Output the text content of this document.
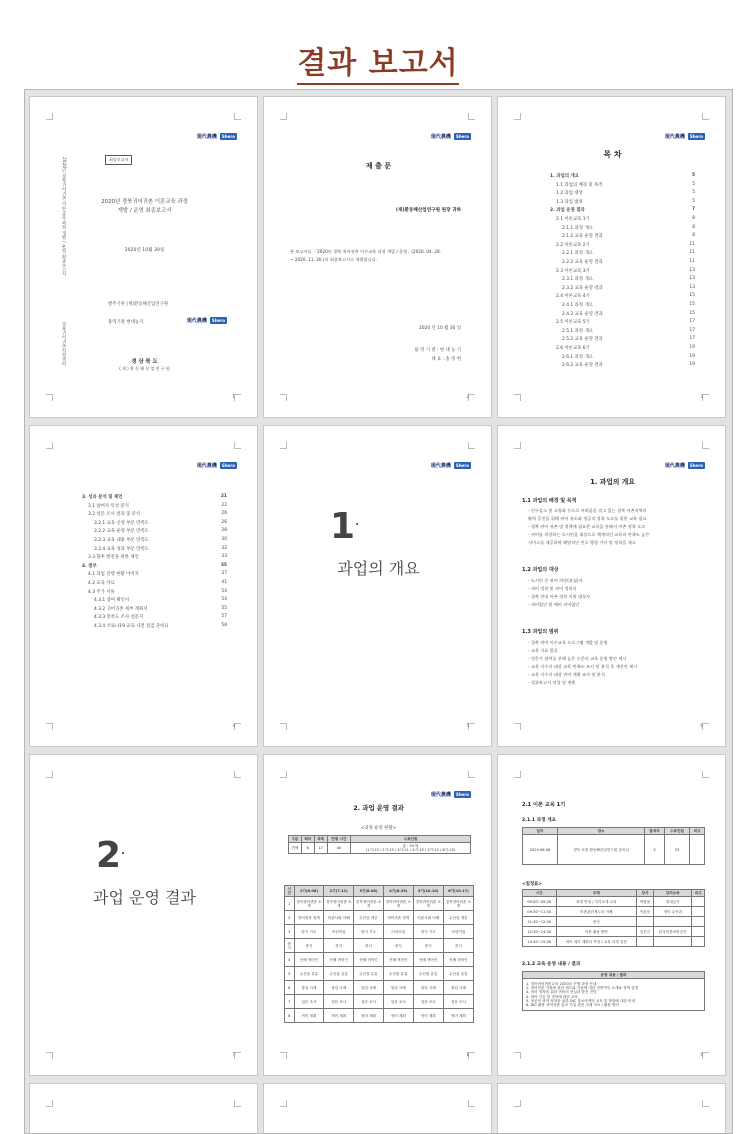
결과 보고서
現代農機	Shero
2020년 경북귀어귀촌 이론교육 과정 개발 / 운영 최종보고서
경북귀어귀촌지원센터
최종보고서
2020년 경북귀어귀촌 이론교육 과정
개발 / 운영 최종보고서
2020년 10월 30일
발주기관 (재)환동해산업연구원
용역기관 현대농기	現代農機	Shero
경 상 북 도
( 재 ) 환 동 해 산 업 연 구 원
1
現代農機	Shero
제 출 문
(재)환동해산업연구원 원장 귀하
본 보고서를 「2020년 경북 귀어귀촌 이론교육 과정 개발 / 운영」(2020. 04. 28.
~ 2020. 11. 30.)의 최종보고서로 제출합니다.
2020 년 10 월 30 일
용 역 기 관 : 현 대 농 기
대 표 : 송 영 현
2
現代農機	Shero
목 차
3
1. 과업의 개요	5
1.1 과업의 배경 및 목적	5
1.2 과업 대상	5
1.3 과업 범위	5
2. 과업 운영 결과	7
2.1 이론교육 1기	8
2.1.1 과정 개요	8
2.1.2 교육 운영 결과	8
2.2 이론교육 2기	11
2.2.1 과정 개요	11
2.2.2 교육 운영 결과	11
2.3 이론교육 3기	13
2.3.1 과정 개요	13
2.3.2 교육 운영 결과	13
2.4 이론교육 4기	15
2.4.1 과정 개요	15
2.4.2 교육 운영 결과	15
2.5 이론교육 5기	17
2.5.1 과정 개요	17
2.5.2 교육 운영 결과	17
2.6 이론교육 6기	19
2.6.1 과정 개요	19
2.6.2 교육 운영 결과	19
現代農機	Shero
4
3. 성과 분석 및 제언	21
3.1 참여자 특성 분석	22
3.2 설문 조사 결과 및 분석	26
3.2.1 교육 신청 부문 만족도	26
3.2.2 교육 운영 부문 만족도	28
3.2.3 교육 내용 부문 만족도	30
3.2.4 교육 성과 부문 만족도	32
3.3 향후 발전을 위한 제언	33
4. 첨부	35
4.1 과업 진행 현황 이미지	37
4.2 교육 자료	41
4.3 주가 서류	54
4.3.1 참여 확인서	54
4.3.2 귀어귀촌 세부 계획서	55
4.3.3 만족도 조사 설문지	57
4.3.4 코로나19 교육 사전 점검 준비표	58
現代農機	Shero
1.
과업의 개요
5
現代農機	Shero
1. 과업의 개요
1.1 과업의 배경 및 목적
1.2 과업의 대상
1.3 과업의 범위
6
- 인구감소 및 고령화 등으로 어려움을 겪고 있는 경북 어촌지역의
활력 증진을 위해 귀어 유도와 정공적 정착 도모를 위한 교육 필요
- 경북 귀어 귀촌 및 정책에 필요한 교육을 통해서 어촌 정착 도모
- 귀어를 희망하는 도시민을 대상으로 체계적인 교육과 만족도 높은
서비스를 제공하여 해양적인 진로 방향 가이 및 정착을 제고
- 도시민 중 귀어 희망(관심)자
- 귀어 정착 및 귀어 정착자
- 경북 관내 어촌 정착 지원 대상자
- 귀어업인 및 예비 귀어업인
- 경북 귀어 이론교육 프로그램 개발 및 운영
- 교육 자료 발굴
- 전문가 참여를 통해 높은 수준의 교육 운영 방안 제시
- 교육 이수자 대상 교육 만족도 조사 및 분석 후 개선안 제시
- 교육 이수자 대상 귀어 계획 조사 및 분석
- 결과보고서 작성 및 제출
2.
과업 운영 결과
7
現代農機	Shero
2. 과업 운영 결과
<과정 운영 현황>
구분	회차	과목	연평 시간	수료인원
전체	6	17	40	총 : 93 명
(1기:15 / 2기:25 / 3기:11 / 4기:15 / 5기:12 / 6기:15)
시간	1기(6.06)	2기(7.11)	3기(8.08)	4기(8.29)	5기(10.10)	6기(10.17)
1	경북귀어귀촌 소개	경북귀어귀촌 소개	경북귀어귀촌 소개	경북귀어귀촌 소개	경북귀어귀촌 소개	경북귀어귀촌 소개
2	귀어귀촌 정책	어촌사회 이해	수산업 개론	귀어귀촌 정책	어촌사회 이해	수산업 개론
3	양식 기초	어선어업	양식 기초	어선어업	양식 기초	어선어업
중식	중식	중식	중식	중식	중식	중식
4	선배 귀어인	선배 귀어인	선배 귀어인	선배 귀어인	선배 귀어인	선배 귀어인
5	수산물 유통	수산물 유통	수산물 유통	수산물 유통	수산물 유통	수산물 유통
6	창업 사례	창업 사례	창업 사례	창업 사례	창업 사례	창업 사례
7	설문 조사	설문 조사	설문 조사	설문 조사	설문 조사	설문 조사
8	귀어 계획	귀어 계획	귀어 계획	귀어 계획	귀어 계획	귀어 계획
8
2.1 이론 교육 1기
2.1.1 과정 개요
일자	장소	참석자	수료인원	비고
2020.06.06	경북 포항 환동해산업연구원 강의실	5	25	
<일정표>
시간	주제	강사	강의소속	비고
09:00~09:30	과정 안내 / 자기소개 교육	박창용	현대농기	
09:30~11:30	어촌관련제도의 이해	이윤동	경북 수산과	
11:30~12:30	중식			
12:30~14:30	어촌 활용 방안	김진규	한국어촌어항공단	
14:30~15:30	귀어 세부 계획서 작성 / 교육 과정 설문			
2.1.2 교육 운영 내용 / 결과
운영 내용 / 결과

1. 경북귀어귀촌교육 2020년 진행 과정 안내
2. 귀어귀촌 지원에 관한 제도와 기관에 대한 전반적인 소개와 정책 설명
3. 귀어 정착을 위한 귀어의 현실과 발전 전망
4. 귀어 기술 및 경영에 대한 교육
5. 성공적 귀어 정착을 위한 DIC 홍보마케팅 교육 및 방향에 대한 안내
6. DIC 활용 귀어귀촌 홍보 기업 관련 사례 자료 / 활용 방안
9
